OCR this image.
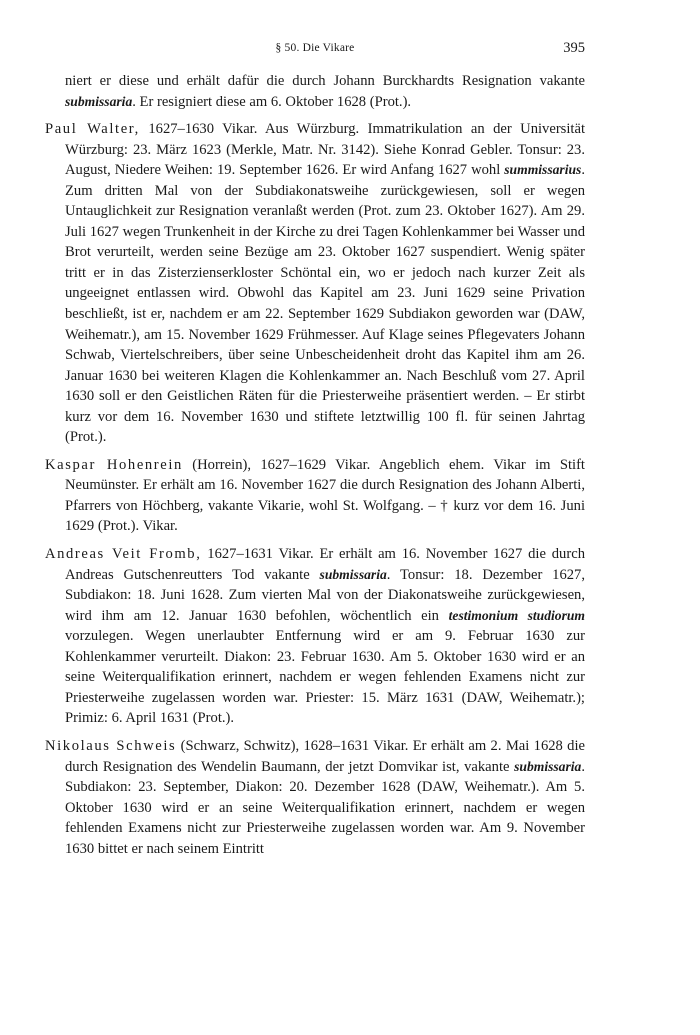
§ 50. Die Vikare	395

niert er diese und erhält dafür die durch Johann Burckhardts Resignation vakante submissaria. Er resigniert diese am 6. Oktober 1628 (Prot.).

Paul Walter, 1627–1630 Vikar. Aus Würzburg. Immatrikulation an der Universität Würzburg: 23. März 1623 (Merkle, Matr. Nr. 3142). Siehe Konrad Gebler. Tonsur: 23. August, Niedere Weihen: 19. September 1626. Er wird Anfang 1627 wohl summissarius. Zum dritten Mal von der Subdiakonatsweihe zurückgewiesen, soll er wegen Untauglichkeit zur Resignation veranlaßt werden (Prot. zum 23. Oktober 1627). Am 29. Juli 1627 wegen Trunkenheit in der Kirche zu drei Tagen Kohlenkammer bei Wasser und Brot verurteilt, werden seine Bezüge am 23. Oktober 1627 suspendiert. Wenig später tritt er in das Zisterzienserkloster Schöntal ein, wo er jedoch nach kurzer Zeit als ungeeignet entlassen wird. Obwohl das Kapitel am 23. Juni 1629 seine Privation beschließt, ist er, nachdem er am 22. September 1629 Subdiakon geworden war (DAW, Weihematr.), am 15. November 1629 Frühmesser. Auf Klage seines Pflegevaters Johann Schwab, Viertelschreibers, über seine Unbescheidenheit droht das Kapitel ihm am 26. Januar 1630 bei weiteren Klagen die Kohlenkammer an. Nach Beschluß vom 27. April 1630 soll er den Geistlichen Räten für die Priesterweihe präsentiert werden. – Er stirbt kurz vor dem 16. November 1630 und stiftete letztwillig 100 fl. für seinen Jahrtag (Prot.).

Kaspar Hohenrein (Horrein), 1627–1629 Vikar. Angeblich ehem. Vikar im Stift Neumünster. Er erhält am 16. November 1627 die durch Resignation des Johann Alberti, Pfarrers von Höchberg, vakante Vikarie, wohl St. Wolfgang. – † kurz vor dem 16. Juni 1629 (Prot.). Vikar.

Andreas Veit Fromb, 1627–1631 Vikar. Er erhält am 16. November 1627 die durch Andreas Gutschenreutters Tod vakante submissaria. Tonsur: 18. Dezember 1627, Subdiakon: 18. Juni 1628. Zum vierten Mal von der Diakonatsweihe zurückgewiesen, wird ihm am 12. Januar 1630 befohlen, wöchentlich ein testimonium studiorum vorzulegen. Wegen unerlaubter Entfernung wird er am 9. Februar 1630 zur Kohlenkammer verurteilt. Diakon: 23. Februar 1630. Am 5. Oktober 1630 wird er an seine Weiterqualifikation erinnert, nachdem er wegen fehlenden Examens nicht zur Priesterweihe zugelassen worden war. Priester: 15. März 1631 (DAW, Weihematr.); Primiz: 6. April 1631 (Prot.).

Nikolaus Schweis (Schwarz, Schwitz), 1628–1631 Vikar. Er erhält am 2. Mai 1628 die durch Resignation des Wendelin Baumann, der jetzt Domvikar ist, vakante submissaria. Subdiakon: 23. September, Diakon: 20. Dezember 1628 (DAW, Weihematr.). Am 5. Oktober 1630 wird er an seine Weiterqualifikation erinnert, nachdem er wegen fehlenden Examens nicht zur Priesterweihe zugelassen worden war. Am 9. November 1630 bittet er nach seinem Eintritt
